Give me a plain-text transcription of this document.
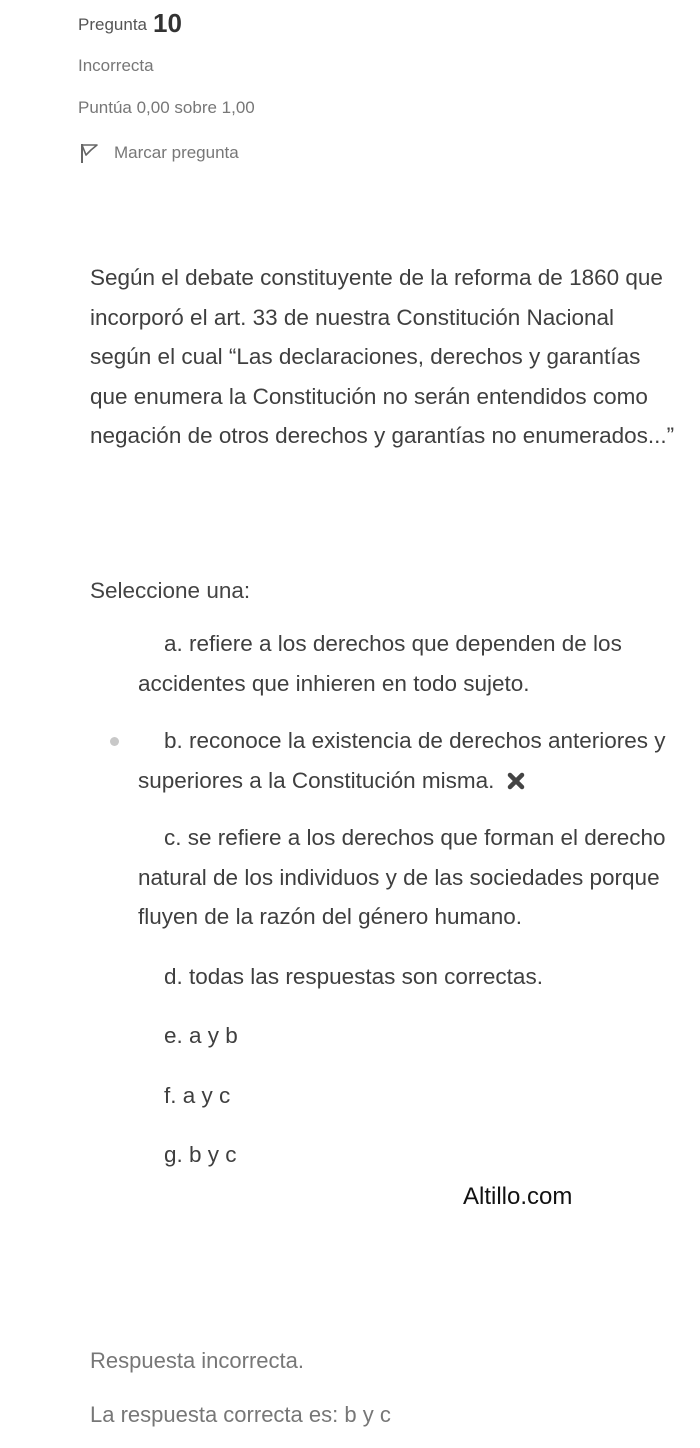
Pregunta 10
Incorrecta
Puntúa 0,00 sobre 1,00
Marcar pregunta

Según el debate constituyente de la reforma de 1860 que incorporó el art. 33 de nuestra Constitución Nacional según el cual “Las declaraciones, derechos y garantías que enumera la Constitución no serán entendidos como negación de otros derechos y garantías no enumerados...”

Seleccione una:

a. refiere a los derechos que dependen de los accidentes que inhieren en todo sujeto.
b. reconoce la existencia de derechos anteriores y superiores a la Constitución misma.
c. se refiere a los derechos que forman el derecho natural de los individuos y de las sociedades porque fluyen de la razón del género humano.
d. todas las respuestas son correctas.
e. a y b
f. a y c
g. b y c
Altillo.com

Respuesta incorrecta.

La respuesta correcta es: b y c
